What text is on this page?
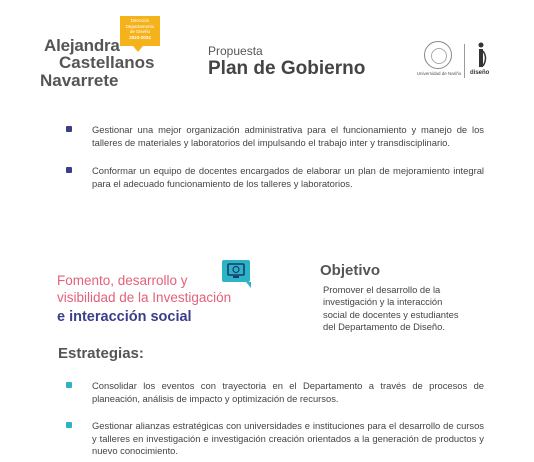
Alejandra
Castellanos
Navarrete
Dirección
Departamento de Diseño
2023-2024
Propuesta
Plan de Gobierno	Universidad de Nariño diseño
Gestionar una mejor organización administrativa para el funcionamiento y manejo de los talleres de materiales y laboratorios del impulsando el trabajo inter y transdisciplinario.
Conformar un equipo de docentes encargados de elaborar un plan de mejoramiento integral para el adecuado funcionamiento de los talleres y laboratorios.
Fomento, desarrollo y
visibilidad de la Investigación
e interacción social
Objetivo
Promover el desarrollo de la investigación y la interacción social de docentes y estudiantes del Departamento de Diseño.
Estrategias:
Consolidar los eventos con trayectoria en el Departamento a través de procesos de planeación, análisis de impacto y optimización de recursos.
Gestionar alianzas estratégicas con universidades e instituciones para el desarrollo de cursos y talleres en investigación e investigación creación orientados a la generación de productos y nuevo conocimiento.
